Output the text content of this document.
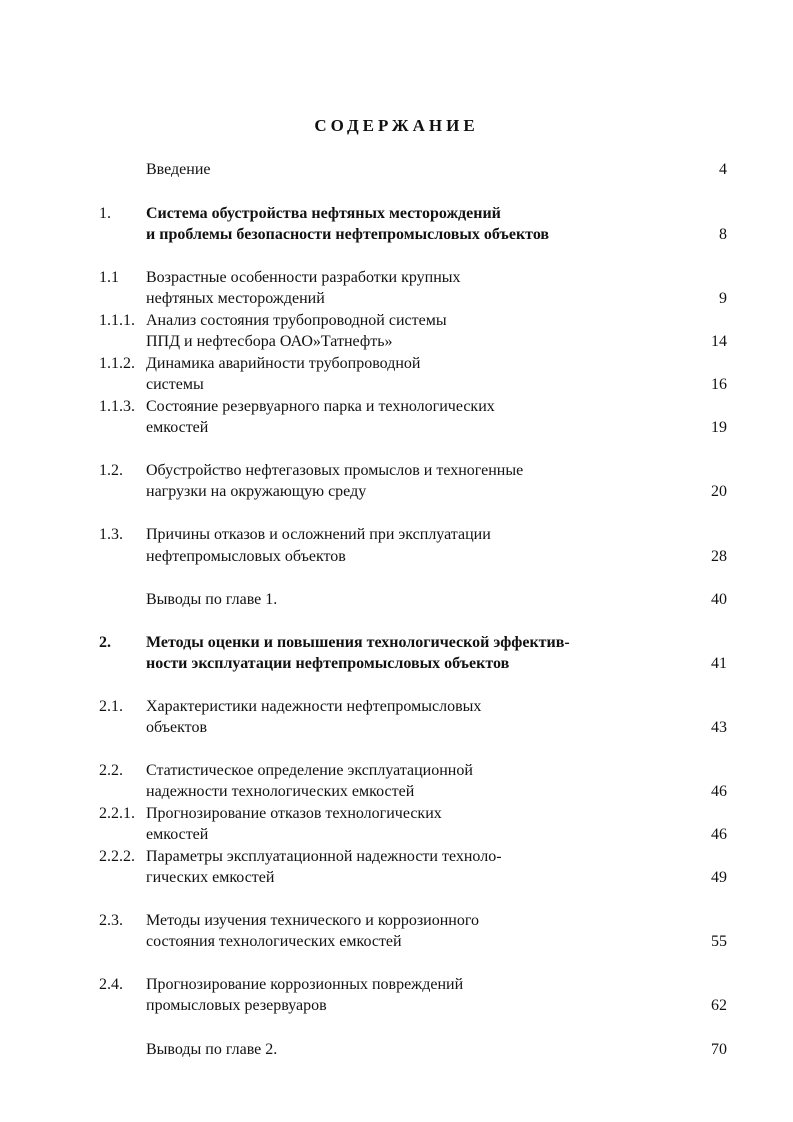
СОДЕРЖАНИЕ
Введение	4
1. Система обустройства нефтяных месторождений
и проблемы безопасности нефтепромысловых объектов	8
1.1 Возрастные особенности разработки крупных
нефтяных месторождений	9
1.1.1. Анализ состояния трубопроводной системы
ППД и нефтесбора ОАО»Татнефть»	14
1.1.2. Динамика аварийности трубопроводной
системы	16
1.1.3. Состояние резервуарного парка и технологических
емкостей	19
1.2. Обустройство нефтегазовых промыслов и техногенные
нагрузки на окружающую среду	20
1.3. Причины отказов и осложнений при эксплуатации
нефтепромысловых объектов	28
Выводы по главе 1.	40
2. Методы оценки и повышения технологической эффектив-
ности эксплуатации нефтепромысловых объектов	41
2.1. Характеристики надежности нефтепромысловых
объектов	43
2.2. Статистическое определение эксплуатационной
надежности технологических емкостей	46
2.2.1. Прогнозирование отказов технологических
емкостей	46
2.2.2. Параметры эксплуатационной надежности техноло-
гических емкостей	49
2.3. Методы изучения технического и коррозионного
состояния технологических емкостей	55
2.4. Прогнозирование коррозионных повреждений
промысловых резервуаров	62
Выводы по главе 2.	70
